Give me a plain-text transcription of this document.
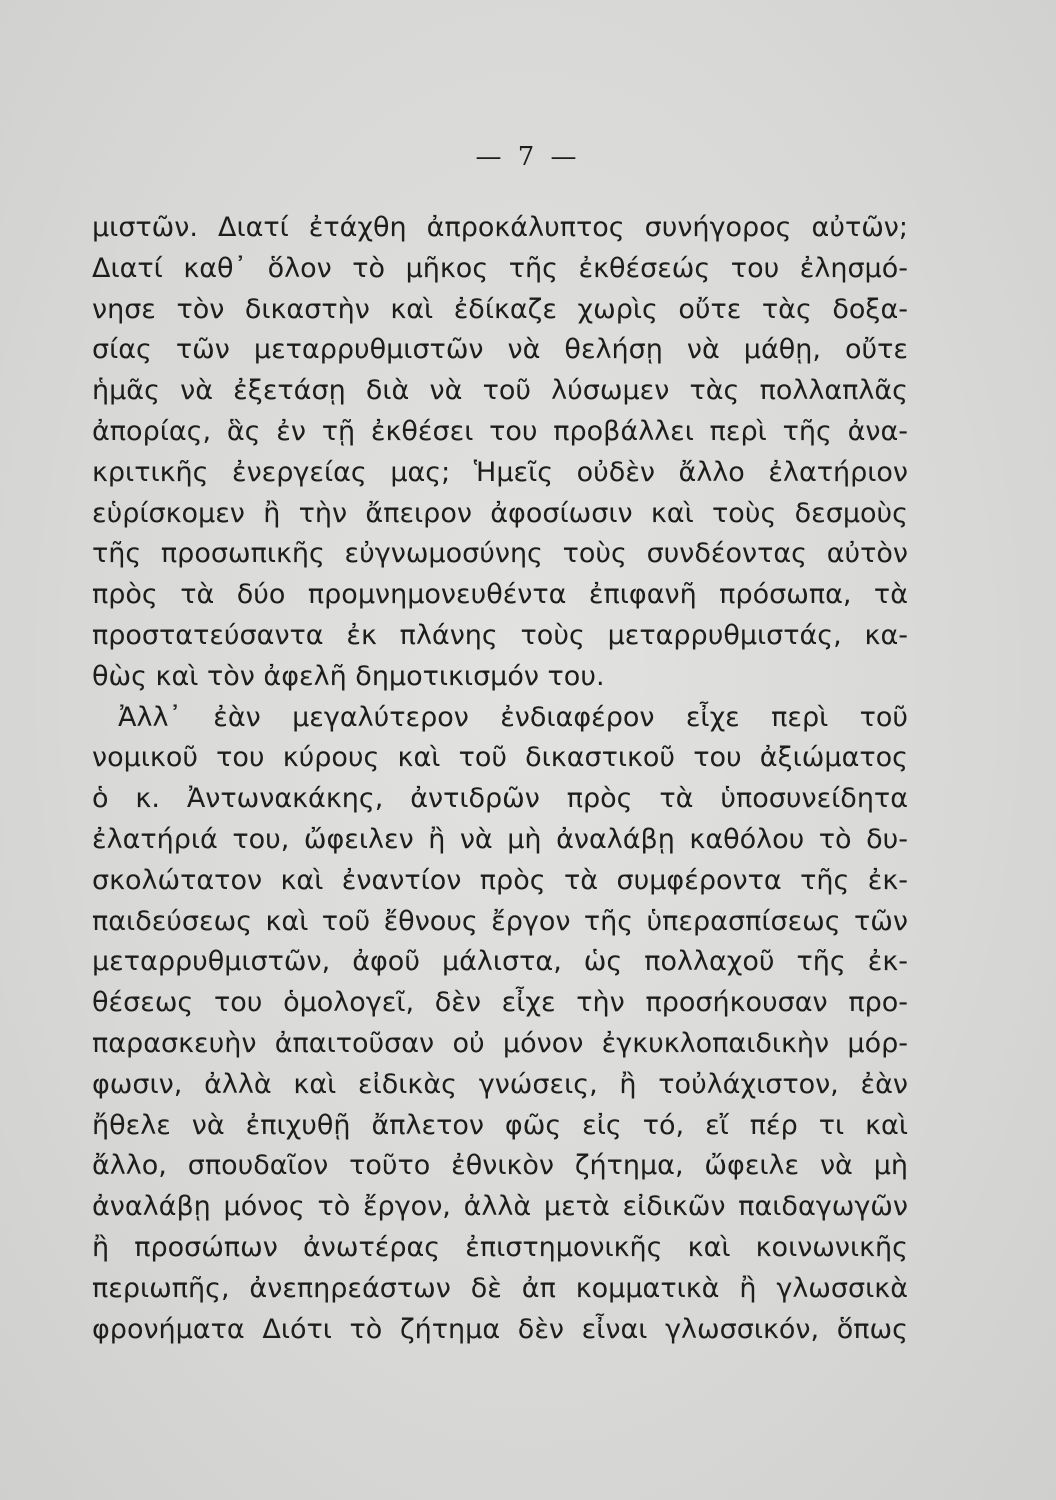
— 7 —
μιστῶν. Διατί ἐτάχθη ἀπροκάλυπτος συνήγορος αὐτῶν;
Διατί καθ᾽ ὅλον τὸ μῆκος τῆς ἐκθέσεώς του ἐλησμό-
νησε τὸν δικαστὴν καὶ ἐδίκαζε χωρὶς οὔτε τὰς δοξα-
σίας τῶν μεταρρυθμιστῶν νὰ θελήσῃ νὰ μάθῃ, οὔτε
ἡμᾶς νὰ ἐξετάσῃ διὰ νὰ τοῦ λύσωμεν τὰς πολλαπλᾶς
ἀπορίας, ἃς ἐν τῇ ἐκθέσει του προβάλλει περὶ τῆς ἀνα-
κριτικῆς ἐνεργείας μας; Ἡμεῖς οὐδὲν ἄλλο ἐλατήριον
εὑρίσκομεν ἢ τὴν ἄπειρον ἀφοσίωσιν καὶ τοὺς δεσμοὺς
τῆς προσωπικῆς εὐγνωμοσύνης τοὺς συνδέοντας αὐτὸν
πρὸς τὰ δύο προμνημονευθέντα ἐπιφανῆ πρόσωπα, τὰ
προστατεύσαντα ἐκ πλάνης τοὺς μεταρρυθμιστάς, κα-
θὼς καὶ τὸν ἀφελῆ δημοτικισμόν του.
Ἀλλ᾽ ἐὰν μεγαλύτερον ἐνδιαφέρον εἶχε περὶ τοῦ
νομικοῦ του κύρους καὶ τοῦ δικαστικοῦ του ἀξιώματος
ὁ κ. Ἀντωνακάκης, ἀντιδρῶν πρὸς τὰ ὑποσυνείδητα
ἐλατήριά του, ὤφειλεν ἢ νὰ μὴ ἀναλάβῃ καθόλου τὸ δυ-
σκολώτατον καὶ ἐναντίον πρὸς τὰ συμφέροντα τῆς ἐκ-
παιδεύσεως καὶ τοῦ ἔθνους ἔργον τῆς ὑπερασπίσεως τῶν
μεταρρυθμιστῶν, ἀφοῦ μάλιστα, ὡς πολλαχοῦ τῆς ἐκ-
θέσεως του ὁμολογεῖ, δὲν εἶχε τὴν προσήκουσαν προ-
παρασκευὴν ἀπαιτοῦσαν οὐ μόνον ἐγκυκλοπαιδικὴν μόρ-
φωσιν, ἀλλὰ καὶ εἰδικὰς γνώσεις, ἢ τοὐλάχιστον, ἐὰν
ἤθελε νὰ ἐπιχυθῇ ἄπλετον φῶς εἰς τό, εἴ πέρ τι καὶ
ἄλλο, σπουδαῖον τοῦτο ἐθνικὸν ζήτημα, ὤφειλε νὰ μὴ
ἀναλάβῃ μόνος τὸ ἔργον, ἀλλὰ μετὰ εἰδικῶν παιδαγωγῶν
ἢ προσώπων ἀνωτέρας ἐπιστημονικῆς καὶ κοινωνικῆς
περιωπῆς, ἀνεπηρεάστων δὲ ἀπ κομματικὰ ἢ γλωσσικὰ
φρονήματα Διότι τὸ ζήτημα δὲν εἶναι γλωσσικόν, ὅπως
